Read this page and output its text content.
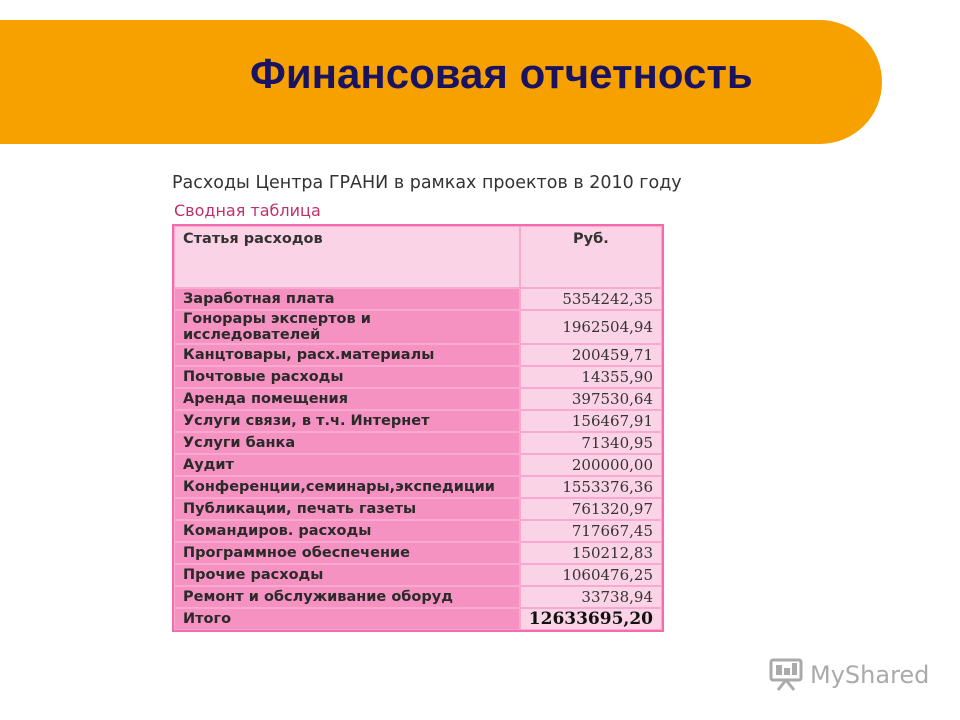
Финансовая отчетность
Расходы Центра ГРАНИ в рамках проектов в 2010 году
Сводная таблица
Статья расходов	Руб.
Заработная плата	5354242,35
Гонорары экспертов и исследователей	1962504,94
Канцтовары, расх.материалы	200459,71
Почтовые расходы	14355,90
Аренда помещения	397530,64
Услуги связи, в т.ч. Интернет	156467,91
Услуги банка	71340,95
Аудит	200000,00
Конференции,семинары,экспедиции	1553376,36
Публикации, печать газеты	761320,97
Командиров. расходы	717667,45
Программное обеспечение	150212,83
Прочие расходы	1060476,25
Ремонт и обслуживание оборуд	33738,94
Итого	12633695,20
MyShared
